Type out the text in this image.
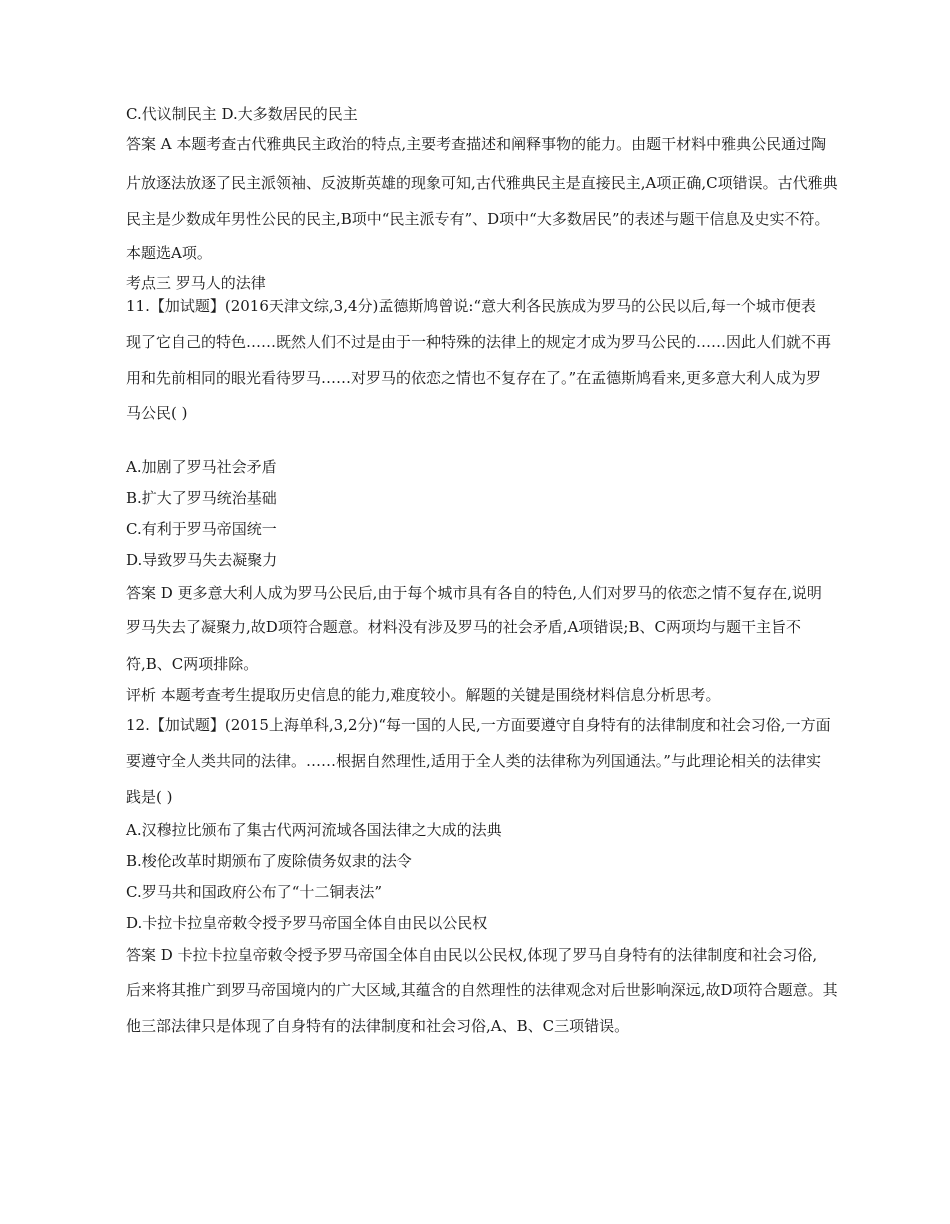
C.代议制民主 D.大多数居民的民主
答案 A 本题考查古代雅典民主政治的特点,主要考查描述和阐释事物的能力。由题干材料中雅典公民通过陶
片放逐法放逐了民主派领袖、反波斯英雄的现象可知,古代雅典民主是直接民主,A项正确,C项错误。古代雅典
民主是少数成年男性公民的民主,B项中“民主派专有”、D项中“大多数居民”的表述与题干信息及史实不符。
本题选A项。
考点三 罗马人的法律
11.【加试题】(2016天津文综,3,4分)孟德斯鸠曾说:“意大利各民族成为罗马的公民以后,每一个城市便表
现了它自己的特色……既然人们不过是由于一种特殊的法律上的规定才成为罗马公民的……因此人们就不再
用和先前相同的眼光看待罗马……对罗马的依恋之情也不复存在了。”在孟德斯鸠看来,更多意大利人成为罗
马公民( )
A.加剧了罗马社会矛盾
B.扩大了罗马统治基础
C.有利于罗马帝国统一
D.导致罗马失去凝聚力
答案 D 更多意大利人成为罗马公民后,由于每个城市具有各自的特色,人们对罗马的依恋之情不复存在,说明
罗马失去了凝聚力,故D项符合题意。材料没有涉及罗马的社会矛盾,A项错误;B、C两项均与题干主旨不
符,B、C两项排除。
评析 本题考查考生提取历史信息的能力,难度较小。解题的关键是围绕材料信息分析思考。
12.【加试题】(2015上海单科,3,2分)“每一国的人民,一方面要遵守自身特有的法律制度和社会习俗,一方面
要遵守全人类共同的法律。……根据自然理性,适用于全人类的法律称为列国通法。”与此理论相关的法律实
践是( )
A.汉穆拉比颁布了集古代两河流域各国法律之大成的法典
B.梭伦改革时期颁布了废除债务奴隶的法令
C.罗马共和国政府公布了“十二铜表法”
D.卡拉卡拉皇帝敕令授予罗马帝国全体自由民以公民权
答案 D 卡拉卡拉皇帝敕令授予罗马帝国全体自由民以公民权,体现了罗马自身特有的法律制度和社会习俗,
后来将其推广到罗马帝国境内的广大区域,其蕴含的自然理性的法律观念对后世影响深远,故D项符合题意。其
他三部法律只是体现了自身特有的法律制度和社会习俗,A、B、C三项错误。
